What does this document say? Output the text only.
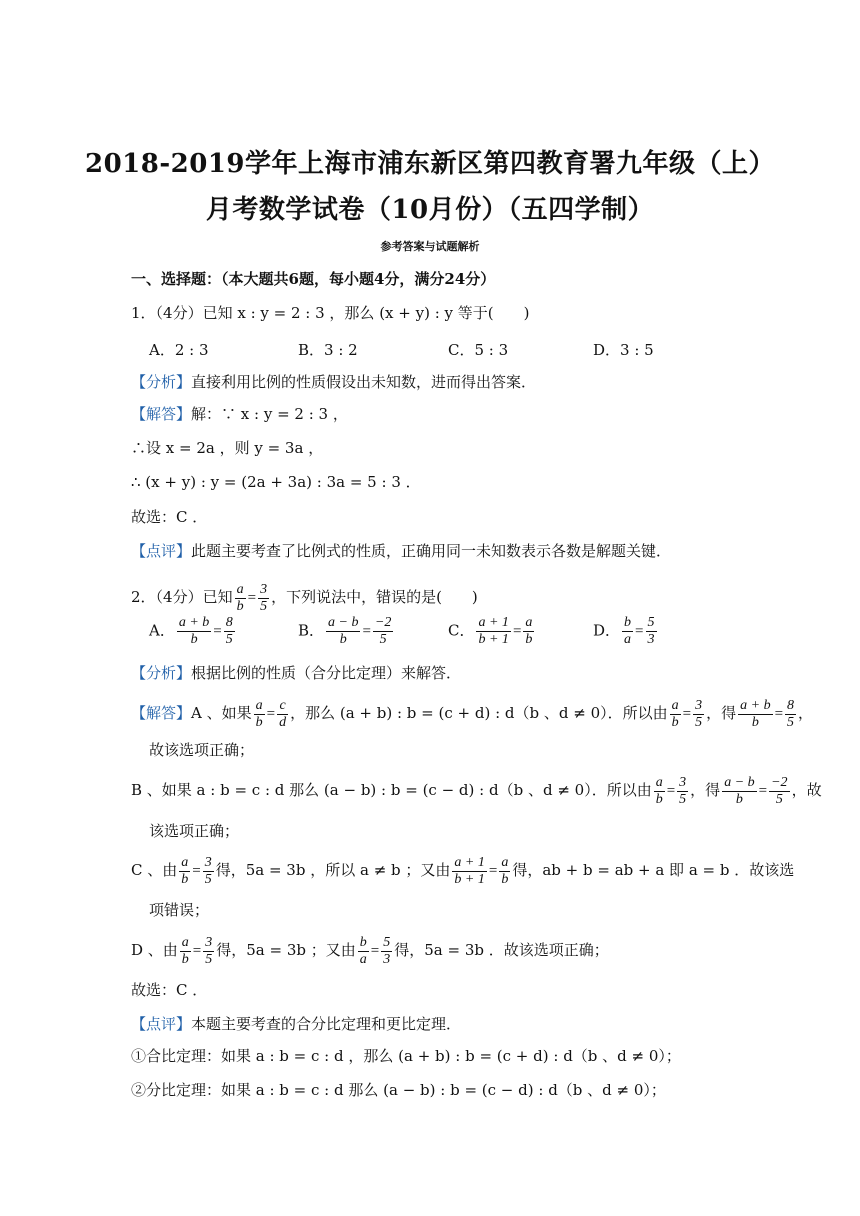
2018-2019学年上海市浦东新区第四教育署九年级（上）
月考数学试卷（10月份）（五四学制）
参考答案与试题解析
一、选择题：（本大题共6题，每小题4分，满分24分）
1．（4分）已知 x : y = 2 : 3 ，那么 (x + y) : y 等于(　　)
A．2 : 3	B．3 : 2	C．5 : 3	D．3 : 5
【分析】直接利用比例的性质假设出未知数，进而得出答案．
【解答】解：∵ x : y = 2 : 3 ，
∴设 x = 2a ，则 y = 3a ，
∴ (x + y) : y = (2a + 3a) : 3a = 5 : 3 ．
故选：C ．
【点评】此题主要考查了比例式的性质，正确用同一未知数表示各数是解题关键．
2．（4分）已知 $\frac{a}{b} = \frac{3}{5}$ ，下列说法中，错误的是(　　)
A． $\frac{a + b}{b} = \frac{8}{5}$	B． $\frac{a - b}{b} = \frac{-2}{5}$	C． $\frac{a + 1}{b + 1} = \frac{a}{b}$	D． $\frac{b}{a} = \frac{5}{3}$
【分析】根据比例的性质（合分比定理）来解答．
【解答】A 、如果 $\frac{a}{b} = \frac{c}{d}$ ，那么 (a + b) : b = (c + d) : d（b 、d ≠ 0）．所以由 $\frac{a}{b} = \frac{3}{5}$ ，得 $\frac{a + b}{b} = \frac{8}{5}$ ，
故该选项正确；
B 、如果 a : b = c : d 那么 (a − b) : b = (c − d) : d（b 、d ≠ 0）．所以由 $\frac{a}{b} = \frac{3}{5}$ ，得 $\frac{a - b}{b} = \frac{-2}{5}$ ，故
该选项正确；
C 、由 $\frac{a}{b} = \frac{3}{5}$ 得，5a = 3b ，所以 a ≠ b ；又由 $\frac{a + 1}{b + 1} = \frac{a}{b}$ 得，ab + b = ab + a 即 a = b ．故该选
项错误；
D 、由 $\frac{a}{b} = \frac{3}{5}$ 得，5a = 3b ；又由 $\frac{b}{a} = \frac{5}{3}$ 得，5a = 3b ．故该选项正确；
故选：C ．
【点评】本题主要考查的合分比定理和更比定理．
①合比定理：如果 a : b = c : d ，那么 (a + b) : b = (c + d) : d（b 、d ≠ 0）；
②分比定理：如果 a : b = c : d 那么 (a − b) : b = (c − d) : d（b 、d ≠ 0）；
